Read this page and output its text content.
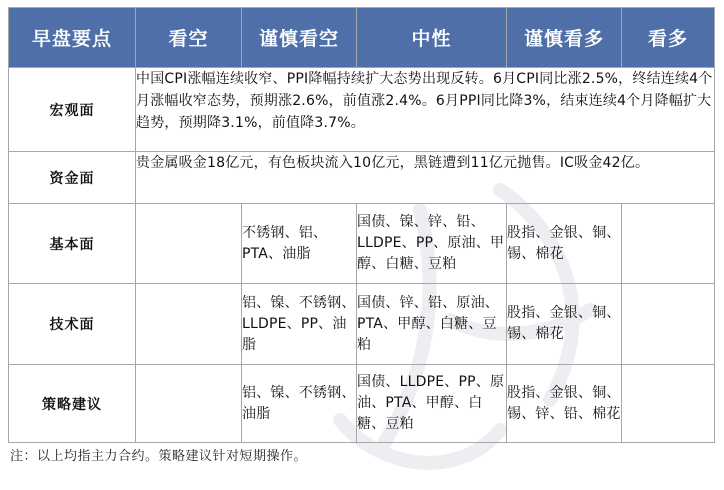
早盘要点	看空	谨慎看空	中性	谨慎看多	看多
宏观面	中国CPI涨幅连续收窄、PPI降幅持续扩大态势出现反转。6月CPI同比涨2.5%，终结连续4个月涨幅收窄态势，预期涨2.6%，前值涨2.4%。6月PPI同比降3%，结束连续4个月降幅扩大趋势，预期降3.1%，前值降3.7%。				
资金面	贵金属吸金18亿元，有色板块流入10亿元，黑链遭到11亿元抛售。IC吸金42亿。				
基本面		不锈钢、铝、PTA、油脂	国债、镍、锌、铅、LLDPE、PP、原油、甲醇、白糖、豆粕	股指、金银、铜、锡、棉花	
技术面		铝、镍、不锈钢、LLDPE、PP、油脂	国债、锌、铅、原油、PTA、甲醇、白糖、豆粕	股指、金银、铜、锡、棉花	
策略建议		铝、镍、不锈钢、油脂	国债、LLDPE、PP、原油、PTA、甲醇、白糖、豆粕	股指、金银、铜、锡、锌、铅、棉花	
注：以上均指主力合约。策略建议针对短期操作。
